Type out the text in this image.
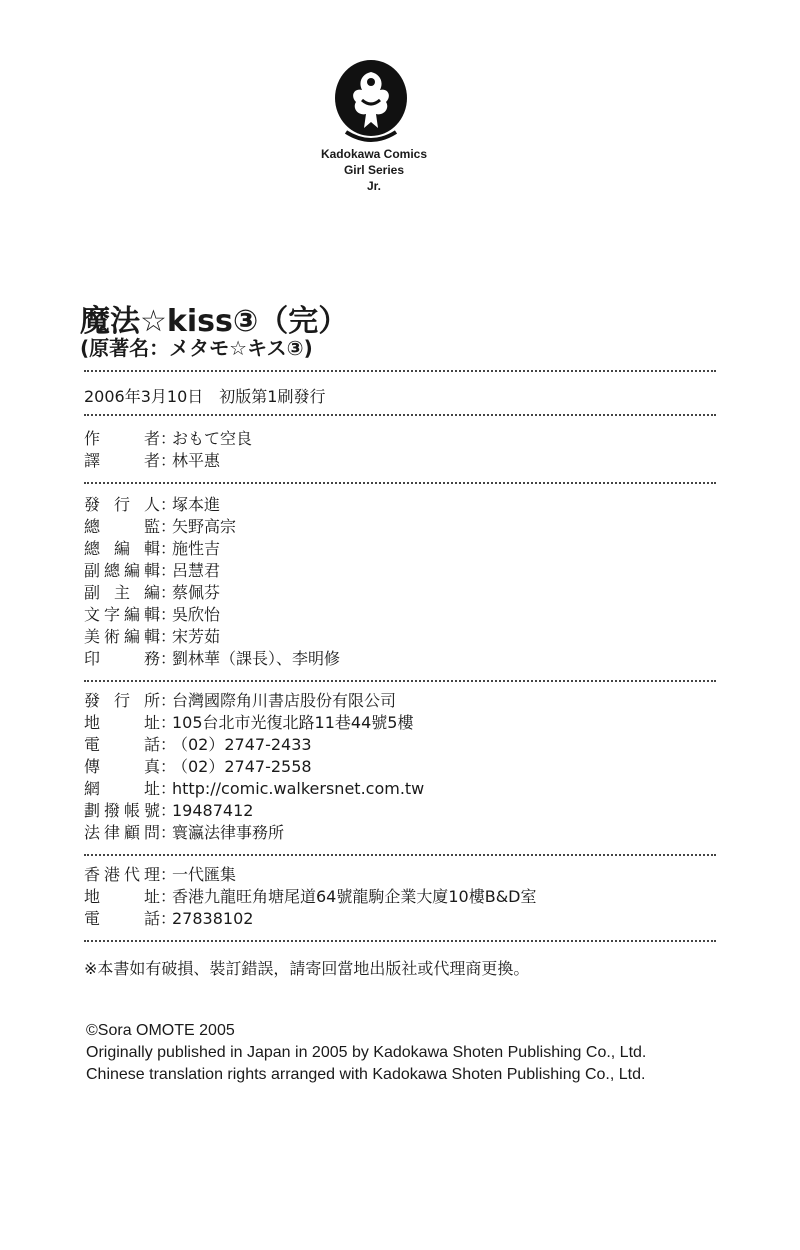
Kadokawa Comics
Girl Series
Jr.
魔法☆kiss③（完）
(原著名：メタモ☆キス③)
2006年3月10日　初版第1刷發行
作者：おもて空良
譯者：林平惠
發行人：塚本進
總監：矢野高宗
總編輯：施性吉
副總編輯：呂慧君
副主編：蔡佩芬
文字編輯：吳欣怡
美術編輯：宋芳茹
印務：劉林華（課長）、李明修
發行所：台灣國際角川書店股份有限公司
地址：105台北市光復北路11巷44號5樓
電話：（02）2747-2433
傳真：（02）2747-2558
網址：http://comic.walkersnet.com.tw
劃撥帳號：19487412
法律顧問：寰瀛法律事務所
香港代理：一代匯集
地址：香港九龍旺角塘尾道64號龍駒企業大廈10樓B&D室
電話：27838102
※本書如有破損、裝訂錯誤，請寄回當地出版社或代理商更換。
©Sora OMOTE 2005
Originally published in Japan in 2005 by Kadokawa Shoten Publishing Co., Ltd.
Chinese translation rights arranged with Kadokawa Shoten Publishing Co., Ltd.
